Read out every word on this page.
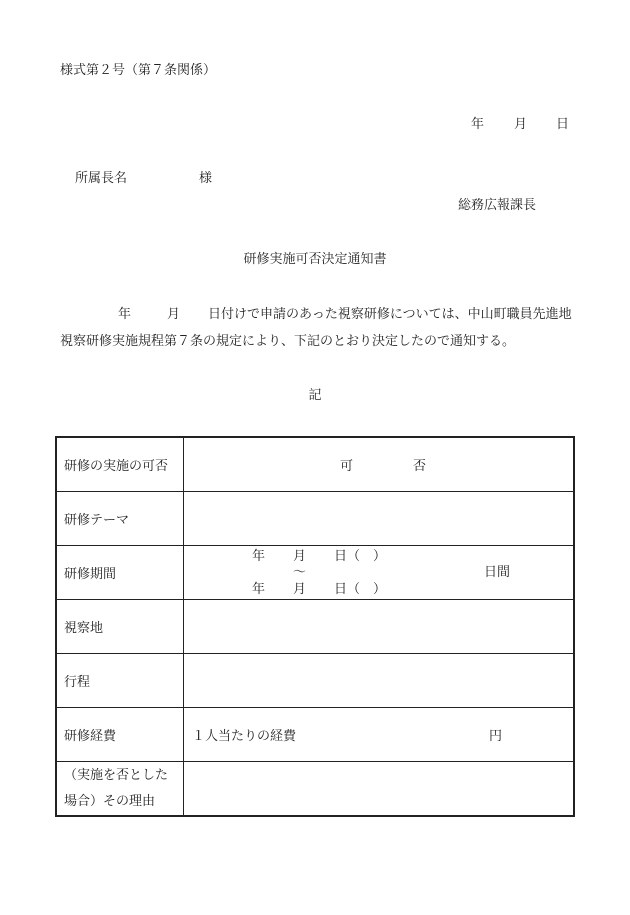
様式第２号（第７条関係）
年 月 日
所属長名	様
総務広報課長
研修実施可否決定通知書
年	月 日付けで申請のあった視察研修については、中山町職員先進地
視察研修実施規程第７条の規定により、下記のとおり決定したので通知する。
記
研修の実施の可否	可 否

研修テーマ	
研修期間	年 月 日（　）
～
年 月 日（　）
日間

視察地	
行程	
研修経費	１人当たりの経費 円

（実施を否とした
場合）その理由	
